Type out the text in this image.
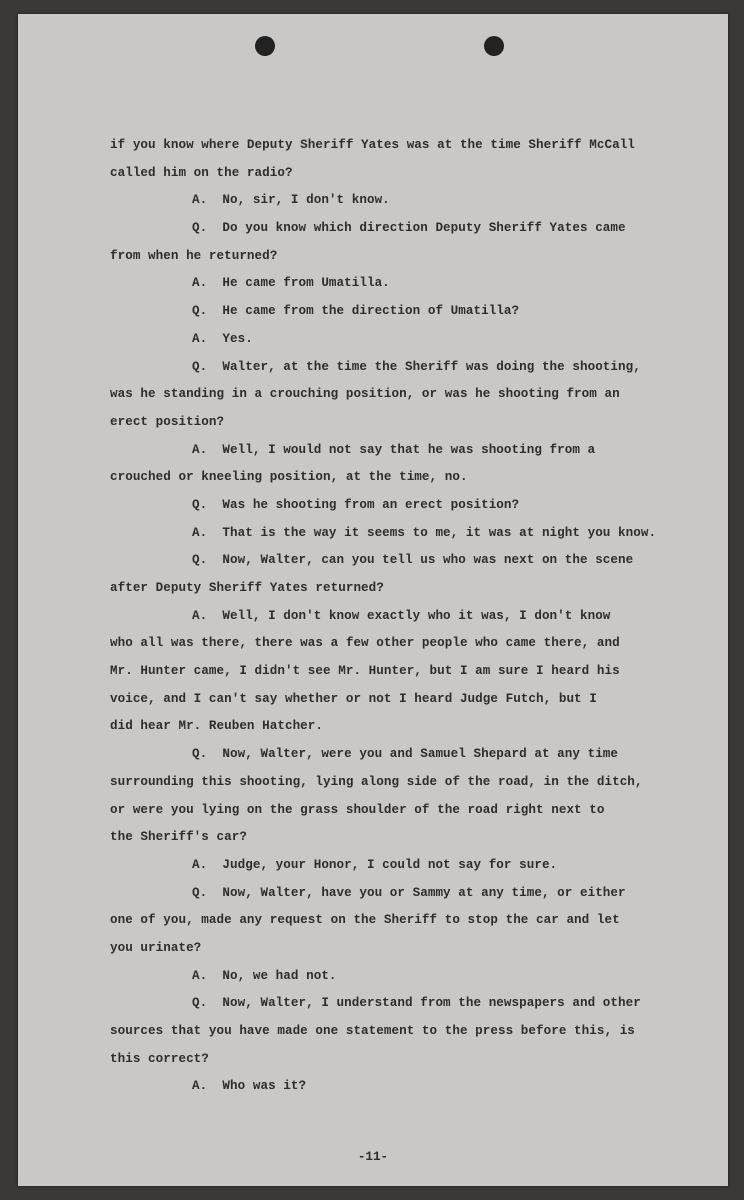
if you know where Deputy Sheriff Yates was at the time Sheriff McCall
called him on the radio?
A.  No, sir, I don't know.
Q.  Do you know which direction Deputy Sheriff Yates came
from when he returned?
A.  He came from Umatilla.
Q.  He came from the direction of Umatilla?
A.  Yes.
Q.  Walter, at the time the Sheriff was doing the shooting,
was he standing in a crouching position, or was he shooting from an
erect position?
A.  Well, I would not say that he was shooting from a
crouched or kneeling position, at the time, no.
Q.  Was he shooting from an erect position?
A.  That is the way it seems to me, it was at night you know.
Q.  Now, Walter, can you tell us who was next on the scene
after Deputy Sheriff Yates returned?
A.  Well, I don't know exactly who it was, I don't know
who all was there, there was a few other people who came there, and
Mr. Hunter came, I didn't see Mr. Hunter, but I am sure I heard his
voice, and I can't say whether or not I heard Judge Futch, but I
did hear Mr. Reuben Hatcher.
Q.  Now, Walter, were you and Samuel Shepard at any time
surrounding this shooting, lying along side of the road, in the ditch,
or were you lying on the grass shoulder of the road right next to
the Sheriff's car?
A.  Judge, your Honor, I could not say for sure.
Q.  Now, Walter, have you or Sammy at any time, or either
one of you, made any request on the Sheriff to stop the car and let
you urinate?
A.  No, we had not.
Q.  Now, Walter, I understand from the newspapers and other
sources that you have made one statement to the press before this, is
this correct?
A.  Who was it?
-11-
